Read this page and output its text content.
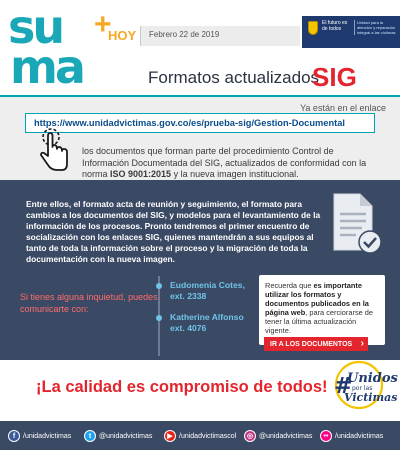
su +
HOY
ma
Febrero 22 de 2019
El futuro es de todos
Unidad para la atención y reparación integral a las víctimas
Formatos actualizados
SIG
Ya están en el enlace
https://www.unidadvictimas.gov.co/es/prueba-sig/Gestion-Documental
los documentos que forman parte del procedimiento Control de Información Documentada del SIG, actualizados de conformidad con la norma ISO 9001:2015 y la nueva imagen institucional.
Entre ellos, el formato acta de reunión y seguimiento, el formato para cambios a los documentos del SIG, y modelos para el levantamiento de la información de los procesos. Pronto tendremos el primer encuentro de socialización con los enlaces SIG, quienes mantendrán a sus equipos al tanto de toda la información sobre el proceso y la migración de toda la documentación con la nueva imagen.
Si tienes alguna inquietud, puedes comunicarte con:
Eudomenia Cotes,
ext. 2338
Katherine Alfonso
ext. 4076

Recuerda que es importante utilizar los formatos y documentos publicados en la página web, para cerciorarse de tener la última actualización vigente.

IR A LOS DOCUMENTOS ›
¡La calidad es compromiso de todos! #
Unidos
por las
Victimas
f	/unidadvictimas	t	@unidadvictimas	▶ /unidadvictimascol	◎ @unidadvictimas	•• /unidadvictimas
